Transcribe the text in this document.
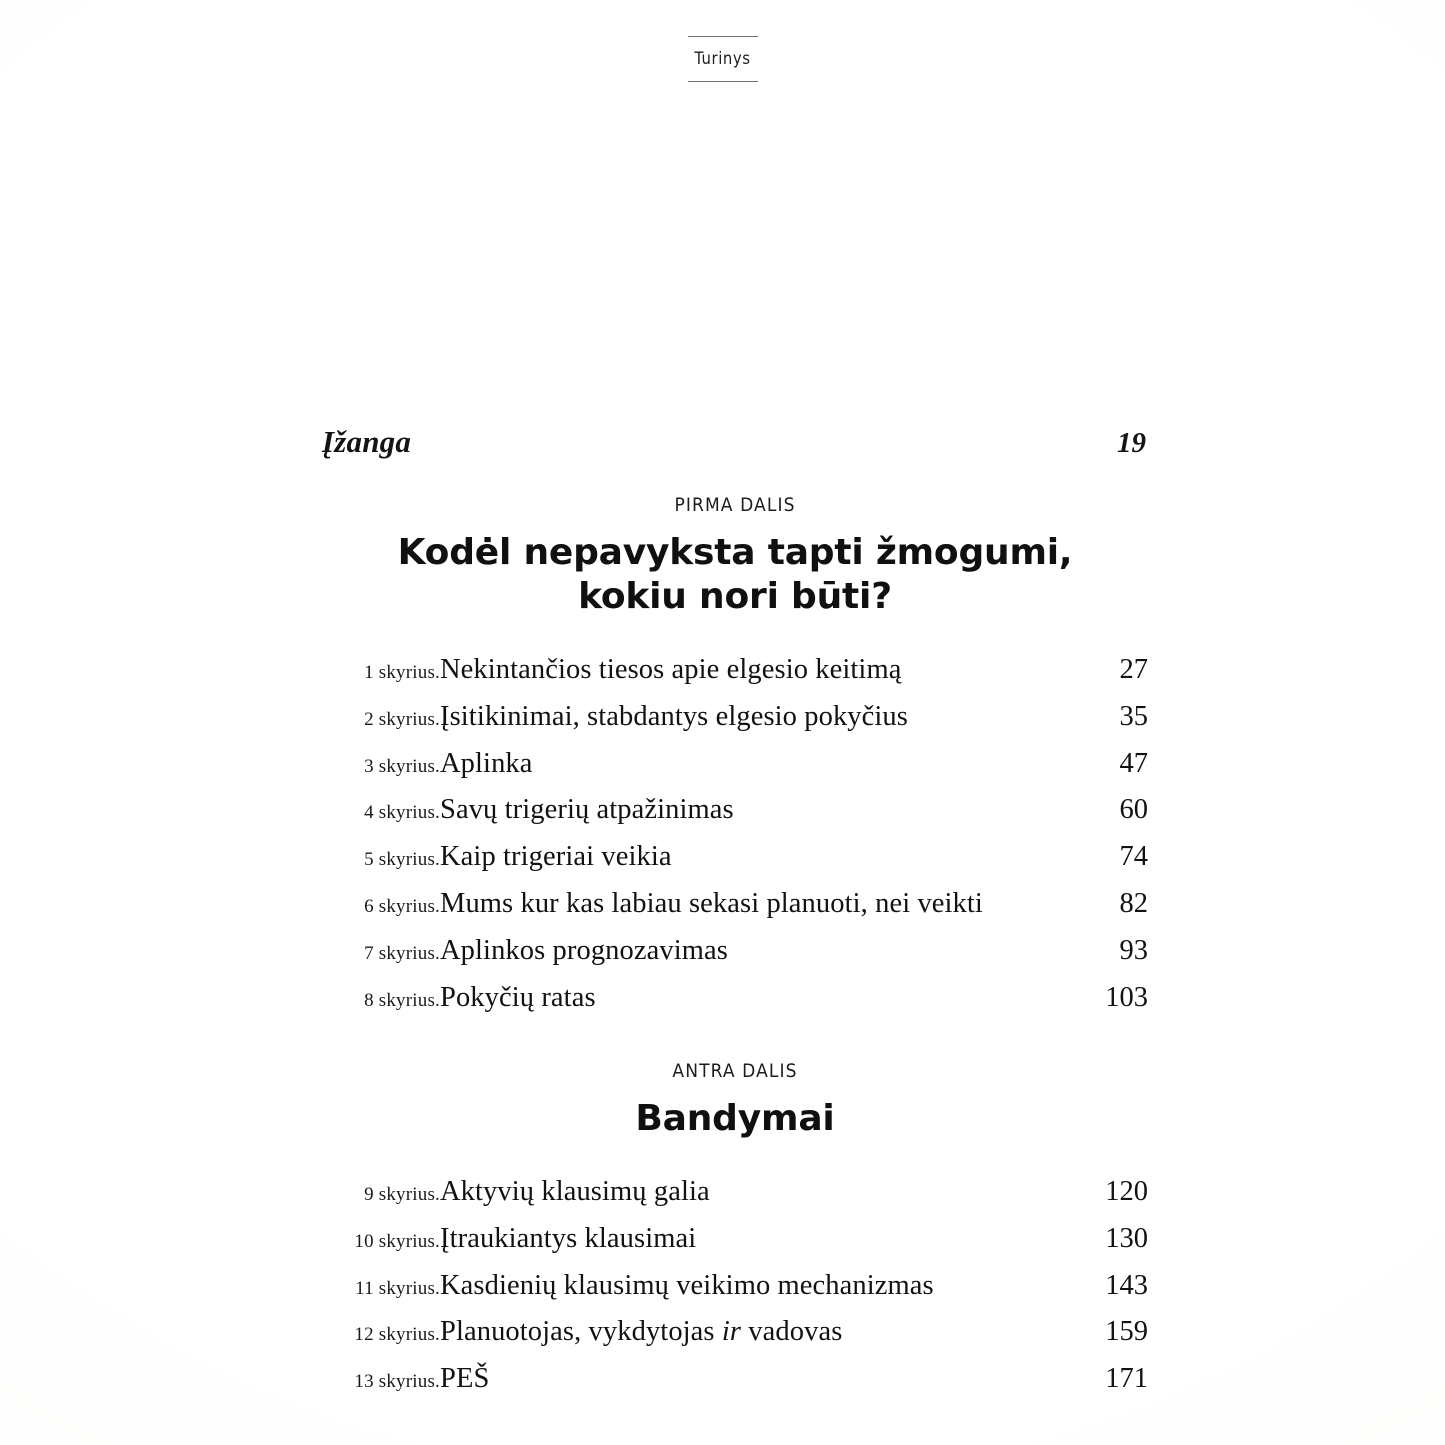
Turinys
Įžanga	19
PIRMA DALIS
Kodėl nepavyksta tapti žmogumi,
kokiu nori būti?
1 skyrius.	Nekintančios tiesos apie elgesio keitimą	27
2 skyrius.	Įsitikinimai, stabdantys elgesio pokyčius	35
3 skyrius.	Aplinka	47
4 skyrius.	Savų trigerių atpažinimas	60
5 skyrius.	Kaip trigeriai veikia	74
6 skyrius.	Mums kur kas labiau sekasi planuoti, nei veikti	82
7 skyrius.	Aplinkos prognozavimas	93
8 skyrius.	Pokyčių ratas	103
ANTRA DALIS
Bandymai
9 skyrius.	Aktyvių klausimų galia	120
10 skyrius.	Įtraukiantys klausimai	130
11 skyrius.	Kasdienių klausimų veikimo mechanizmas	143
12 skyrius.	Planuotojas, vykdytojas ir vadovas	159
13 skyrius.	PEŠ	171
